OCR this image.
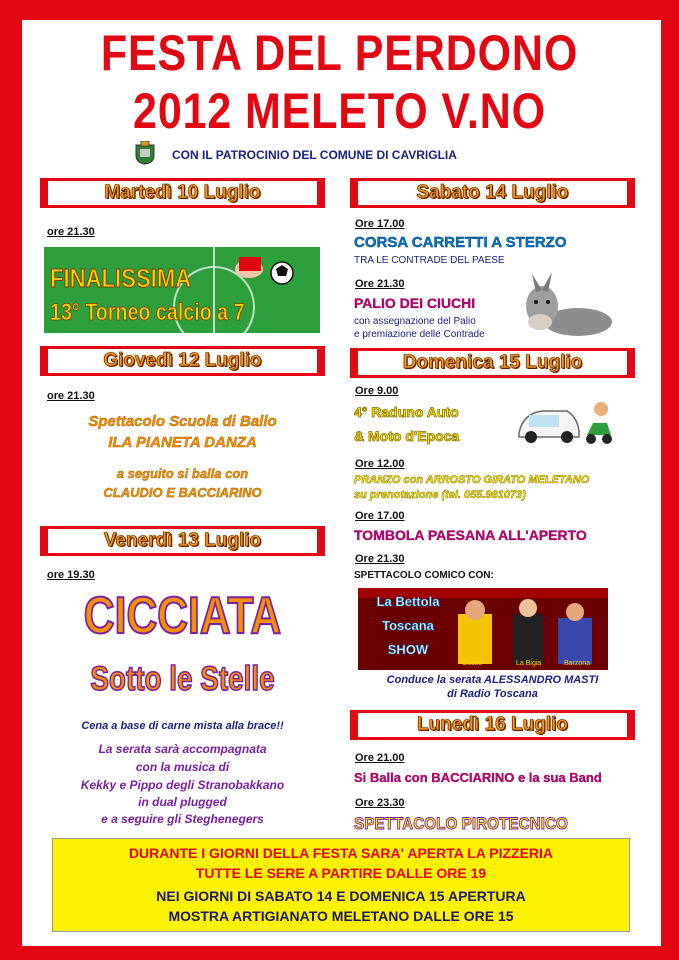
FESTA DEL PERDONO
2012 MELETO V.NO
CON IL PATROCINIO DEL COMUNE DI CAVRIGLIA
Martedì 10 Luglio
ore 21.30
FINALISSIMA
13° Torneo calcio a 7
Giovedì 12 Luglio
ore 21.30
Spettacolo Scuola di Ballo
ILA PIANETA DANZA
a seguito si balla con
CLAUDIO E BACCIARINO
Venerdì 13 Luglio
ore 19.30
CICCIATA
Sotto le Stelle
Cena a base di carne mista alla brace!!
La serata sarà accompagnata
con la musica di
Kekky e Pippo degli Stranobakkano
in dual plugged
e a seguire gli Steghenegers
Sabato 14 Luglio
Ore 17.00
CORSA CARRETTI A STERZO
TRA LE CONTRADE DEL PAESE
Ore 21.30
PALIO DEI CIUCHI
con assegnazione del Palio
e premiazione delle Contrade
Domenica 15 Luglio
Ore 9.00
4° Raduno Auto
& Moto d'Epoca
Ore 12.00
PRANZO con ARROSTO GIRATO MELETANO
su prenotazione (tel. 055.961073)
Ore 17.00
TOMBOLA PAESANA ALL'APERTO
Ore 21.30
SPETTACOLO COMICO CON:
La Bettola
Toscana
SHOW
Occoo	La Bigia	Barzona
Conduce la serata ALESSANDRO MASTI
di Radio Toscana
Lunedì 16 Luglio
Ore 21.00
Si Balla con BACCIARINO e la sua Band
Ore 23.30
SPETTACOLO PIROTECNICO
DURANTE I GIORNI DELLA FESTA SARA' APERTA LA PIZZERIA
TUTTE LE SERE A PARTIRE DALLE ORE 19
NEI GIORNI DI SABATO 14 E DOMENICA 15 APERTURA
MOSTRA ARTIGIANATO MELETANO DALLE ORE 15
